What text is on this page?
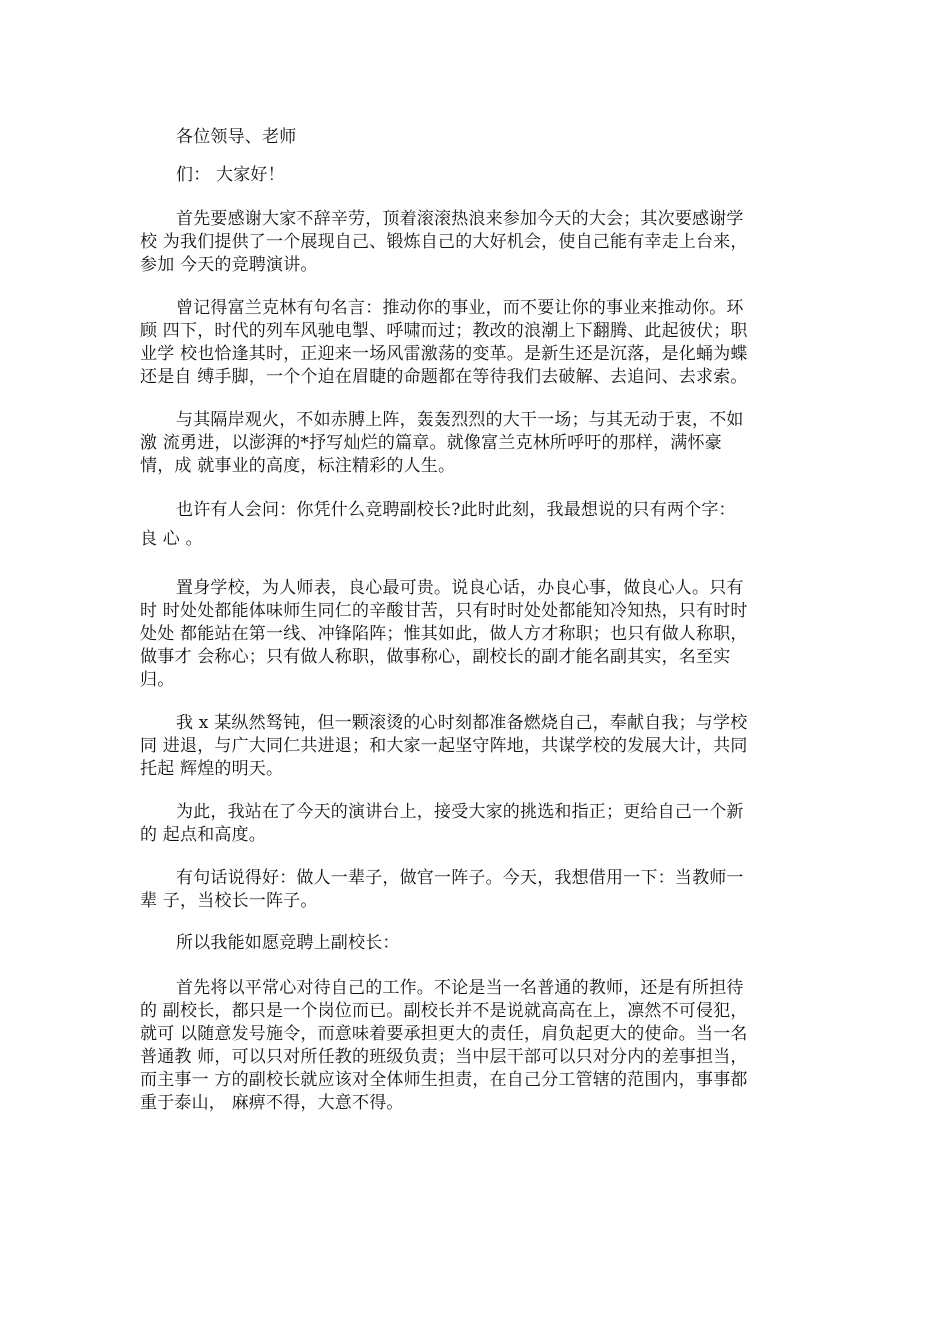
各位领导、老师
们： 大家好！
首先要感谢大家不辞辛劳，顶着滚滚热浪来参加今天的大会；其次要感谢学
校 为我们提供了一个展现自己、锻炼自己的大好机会，使自己能有幸走上台来，
参加 今天的竞聘演讲。
曾记得富兰克林有句名言：推动你的事业，而不要让你的事业来推动你。环
顾 四下，时代的列车风驰电掣、呼啸而过；教改的浪潮上下翻腾、此起彼伏；职
业学 校也恰逢其时，正迎来一场风雷激荡的变革。是新生还是沉落，是化蛹为蝶
还是自 缚手脚，一个个迫在眉睫的命题都在等待我们去破解、去追问、去求索。
与其隔岸观火，不如赤膊上阵，轰轰烈烈的大干一场；与其无动于衷，不如
激 流勇进，以澎湃的*抒写灿烂的篇章。就像富兰克林所呼吁的那样，满怀豪
情，成 就事业的高度，标注精彩的人生。
也许有人会问：你凭什么竞聘副校长?此时此刻，我最想说的只有两个字：
良 心 。
置身学校，为人师表，良心最可贵。说良心话，办良心事，做良心人。只有
时 时处处都能体味师生同仁的辛酸甘苦，只有时时处处都能知冷知热，只有时时
处处 都能站在第一线、冲锋陷阵；惟其如此，做人方才称职；也只有做人称职，
做事才 会称心；只有做人称职，做事称心，副校长的副才能名副其实，名至实
归。
我 x 某纵然驽钝，但一颗滚烫的心时刻都准备燃烧自己，奉献自我；与学校
同 进退，与广大同仁共进退；和大家一起坚守阵地，共谋学校的发展大计，共同
托起 辉煌的明天。
为此，我站在了今天的演讲台上，接受大家的挑选和指正；更给自己一个新
的 起点和高度。
有句话说得好：做人一辈子，做官一阵子。今天，我想借用一下：当教师一
辈 子，当校长一阵子。
所以我能如愿竞聘上副校长：
首先将以平常心对待自己的工作。不论是当一名普通的教师，还是有所担待
的 副校长，都只是一个岗位而已。副校长并不是说就高高在上，凛然不可侵犯，
就可 以随意发号施令，而意味着要承担更大的责任，肩负起更大的使命。当一名
普通教 师，可以只对所任教的班级负责；当中层干部可以只对分内的差事担当，
而主事一 方的副校长就应该对全体师生担责，在自己分工管辖的范围内，事事都
重于泰山， 麻痹不得，大意不得。
